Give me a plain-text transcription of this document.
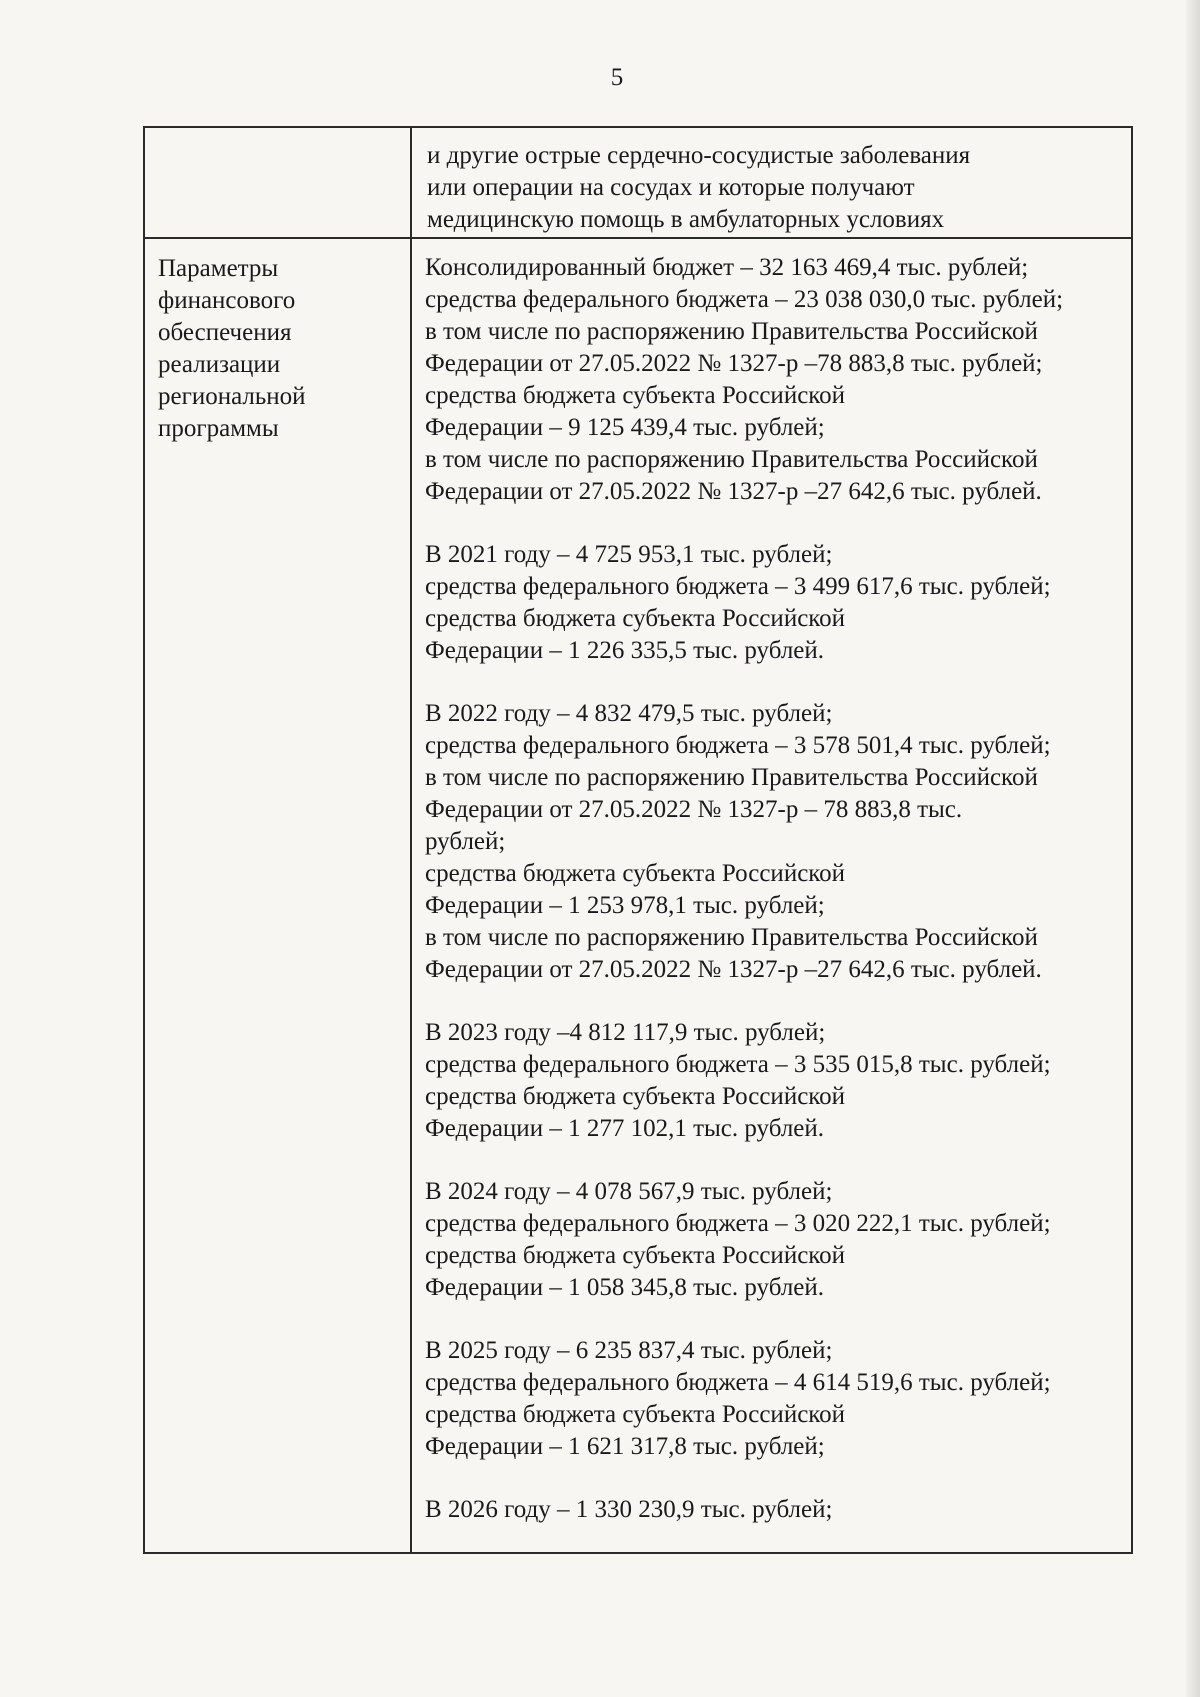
5
и другие острые сердечно-сосудистые заболевания
или операции на сосудах и которые получают
медицинскую помощь в амбулаторных условиях
Параметры
финансового
обеспечения
реализации
региональной
программы
Консолидированный бюджет – 32 163 469,4 тыс. рублей;
средства федерального бюджета – 23 038 030,0 тыс. рублей;
в том числе по распоряжению Правительства Российской
Федерации от 27.05.2022 № 1327-р –78 883,8 тыс. рублей;
средства бюджета субъекта Российской
Федерации – 9 125 439,4 тыс. рублей;
в том числе по распоряжению Правительства Российской
Федерации от 27.05.2022 № 1327-р –27 642,6 тыс. рублей.
В 2021 году – 4 725 953,1 тыс. рублей;
средства федерального бюджета – 3 499 617,6 тыс. рублей;
средства бюджета субъекта Российской
Федерации – 1 226 335,5 тыс. рублей.
В 2022 году – 4 832 479,5 тыс. рублей;
средства федерального бюджета – 3 578 501,4 тыс. рублей;
в том числе по распоряжению Правительства Российской
Федерации от 27.05.2022 № 1327-р – 78 883,8 тыс.
рублей;
средства бюджета субъекта Российской
Федерации – 1 253 978,1 тыс. рублей;
в том числе по распоряжению Правительства Российской
Федерации от 27.05.2022 № 1327-р –27 642,6 тыс. рублей.
В 2023 году –4 812 117,9 тыс. рублей;
средства федерального бюджета – 3 535 015,8 тыс. рублей;
средства бюджета субъекта Российской
Федерации – 1 277 102,1 тыс. рублей.
В 2024 году – 4 078 567,9 тыс. рублей;
средства федерального бюджета – 3 020 222,1 тыс. рублей;
средства бюджета субъекта Российской
Федерации – 1 058 345,8 тыс. рублей.
В 2025 году – 6 235 837,4 тыс. рублей;
средства федерального бюджета – 4 614 519,6 тыс. рублей;
средства бюджета субъекта Российской
Федерации – 1 621 317,8 тыс. рублей;
В 2026 году – 1 330 230,9 тыс. рублей;
